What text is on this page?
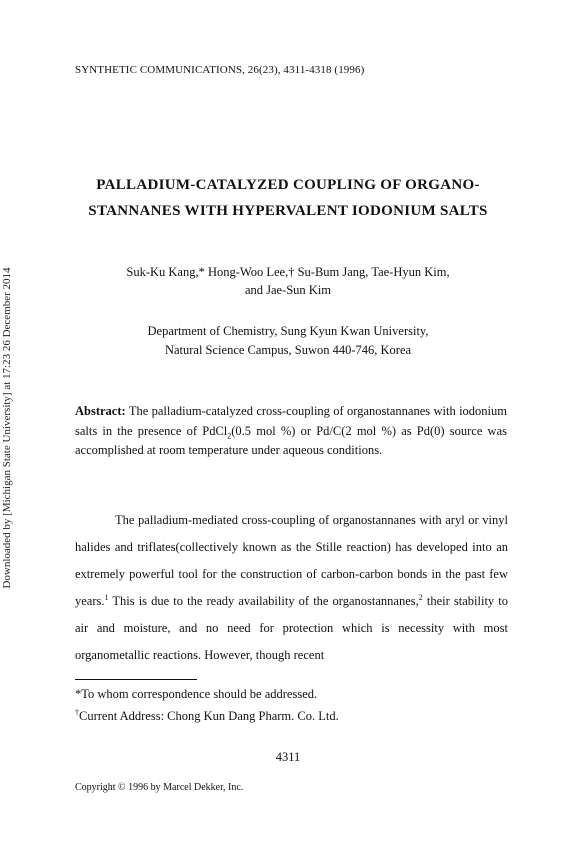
Downloaded by [Michigan State University] at 17:23 26 December 2014
SYNTHETIC COMMUNICATIONS, 26(23), 4311-4318 (1996)
PALLADIUM-CATALYZED COUPLING OF ORGANO-
STANNANES WITH HYPERVALENT IODONIUM SALTS
Suk-Ku Kang,* Hong-Woo Lee,† Su-Bum Jang, Tae-Hyun Kim,
and Jae-Sun Kim
Department of Chemistry, Sung Kyun Kwan University,
Natural Science Campus, Suwon 440-746, Korea
Abstract: The palladium-catalyzed cross-coupling of organostannanes with iodonium salts in the presence of PdCl$_2$(0.5 mol %) or Pd/C(2 mol %) as Pd(0) source was accomplished at room temperature under aqueous conditions.
The palladium-mediated cross-coupling of organostannanes with aryl or vinyl halides and triflates(collectively known as the Stille reaction) has developed into an extremely powerful tool for the construction of carbon-carbon bonds in the past few years.$^1$ This is due to the ready availability of the organostannanes,$^2$ their stability to air and moisture, and no need for protection which is necessity with most organometallic reactions. However, though recent
*To whom correspondence should be addressed.
†Current Address: Chong Kun Dang Pharm. Co. Ltd.
4311
Copyright © 1996 by Marcel Dekker, Inc.
